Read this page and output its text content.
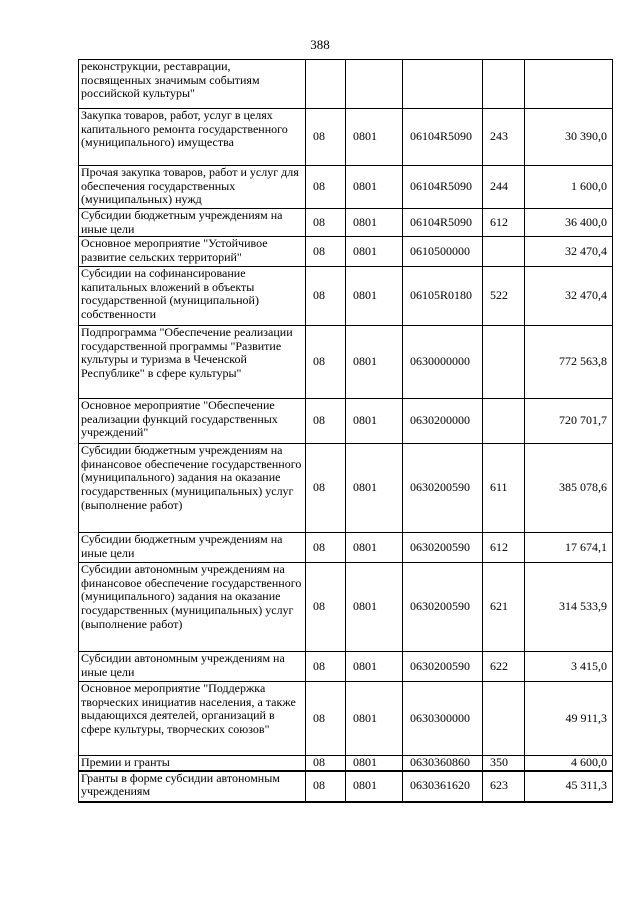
388
реконструкции, реставрации, посвященных значимым событиям российской культуры"					
Закупка товаров, работ, услуг в целях капитального ремонта государственного (муниципального) имущества	08	0801	06104R5090	243	30 390,0
Прочая закупка товаров, работ и услуг для обеспечения государственных (муниципальных) нужд	08	0801	06104R5090	244	1 600,0
Субсидии бюджетным учреждениям на иные цели	08	0801	06104R5090	612	36 400,0
Основное мероприятие "Устойчивое развитие сельских территорий"	08	0801	0610500000		32 470,4
Субсидии на софинансирование капитальных вложений в объекты государственной (муниципальной) собственности	08	0801	06105R0180	522	32 470,4
Подпрограмма "Обеспечение реализации государственной программы "Развитие культуры и туризма в Чеченской Республике" в сфере культуры"	08	0801	0630000000		772 563,8
Основное мероприятие "Обеспечение реализации функций государственных учреждений"	08	0801	0630200000		720 701,7
Субсидии бюджетным учреждениям на финансовое обеспечение государственного (муниципального) задания на оказание государственных (муниципальных) услуг (выполнение работ)	08	0801	0630200590	611	385 078,6
Субсидии бюджетным учреждениям на иные цели	08	0801	0630200590	612	17 674,1
Субсидии автономным учреждениям на финансовое обеспечение государственного (муниципального) задания на оказание государственных (муниципальных) услуг (выполнение работ)	08	0801	0630200590	621	314 533,9
Субсидии автономным учреждениям на иные цели	08	0801	0630200590	622	3 415,0
Основное мероприятие "Поддержка творческих инициатив населения, а также выдающихся деятелей, организаций в сфере культуры, творческих союзов"	08	0801	0630300000		49 911,3
Премии и гранты	08	0801	0630360860	350	4 600,0
Гранты в форме субсидии автономным учреждениям	08	0801	0630361620	623	45 311,3
